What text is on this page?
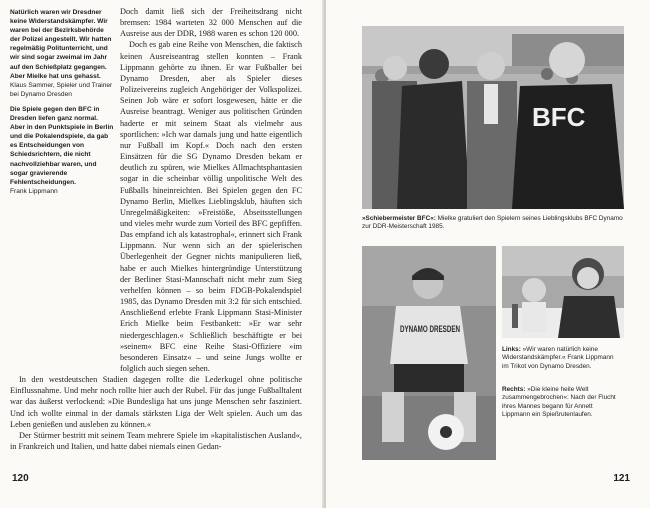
Natürlich waren wir Dresdner keine Widerstandskämpfer. Wir waren bei der Bezirksbehörde der Polizei angestellt. Wir hatten regelmäßig Politunterricht, und wir sind sogar zweimal im Jahr auf den Schießplatz gegangen. Aber Mielke hat uns gehasst.

Klaus Sammer, Spieler und Trainer bei Dynamo Dresden

Die Spiele gegen den BFC in Dresden liefen ganz normal. Aber in den Punktspiele in Berlin und die Pokalendspiele, da gab es Entscheidungen von Schiedsrichtern, die nicht nachvollziehbar waren, und sogar gravierende Fehlentscheidungen.

Frank Lippmann

Doch damit ließ sich der Freiheitsdrang nicht bremsen: 1984 warteten 32 000 Menschen auf die Ausreise aus der DDR, 1988 waren es schon 120 000.

Doch es gab eine Reihe von Menschen, die faktisch keinen Ausreiseantrag stellen konnten – Frank Lippmann gehörte zu ihnen. Er war Fußballer bei Dynamo Dresden, aber als Spieler dieses Polizeivereins zugleich Angehöriger der Volkspolizei. Seinen Job wäre er sofort losgewesen, hätte er die Ausreise beantragt. Weniger aus politischen Gründen haderte er mit seinem Staat als vielmehr aus sportlichen: »Ich war damals jung und hatte eigentlich nur Fußball im Kopf.« Doch nach den ersten Einsätzen für die SG Dynamo Dresden bekam er deutlich zu spüren, wie Mielkes Allmachtsphantasien sogar in die scheinbar völlig unpolitische Welt des Fußballs hineinreichten. Bei Spielen gegen den FC Dynamo Berlin, Mielkes Lieblingsklub, häuften sich Unregelmäßigkeiten: »Freistöße, Abseitsstellungen und vieles mehr wurde zum Vorteil des BFC gepfiffen. Das empfand ich als katastrophal«, erinnert sich Frank Lippmann. Nur wenn sich an der spielerischen Überlegenheit der Gegner nichts manipulieren ließ, habe er auch Mielkes hintergründige Unterstützung der Berliner Stasi-Mannschaft nicht mehr zum Sieg verhelfen können – so beim FDGB-Pokalendspiel 1985, das Dynamo Dresden mit 3:2 für sich entschied. Anschließend erlebte Frank Lippmann Stasi-Minister Erich Mielke beim Festbankett: »Er war sehr niedergeschlagen.« Schließlich beschäftigte er bei »seinem« BFC eine Reihe Stasi-Offiziere »im besonderen Einsatz« – und seine Jungs wollte er folglich auch siegen sehen.

In den westdeutschen Stadien dagegen rollte die Lederkugel ohne politische Einflussnahme. Und mehr noch rollte hier auch der Rubel. Für das junge Fußballtalent war das äußerst verlockend: »Die Bundesliga hat uns junge Menschen sehr fasziniert. Und ich wollte einmal in der damals stärksten Liga der Welt spielen. Auch um das Leben genießen und ausleben zu können.«

Der Stürmer bestritt mit seinem Team mehrere Spiele im »kapitalistischen Ausland«, in Frankreich und Italien, und hatte dabei niemals einen Gedan-

120
BFC
»Schiebermeister BFC«: Mielke gratuliert den Spielern seines Lieblingsklubs BFC Dynamo zur DDR-Meisterschaft 1985.
DYNAMO DRESDEN
Links: »Wir waren natürlich keine Widerstandskämpfer.« Frank Lippmann im Trikot von Dynamo Dresden.
Rechts: »Die kleine heile Welt zusammengebrochen«: Nach der Flucht ihres Mannes begann für Annett Lippmann ein Spießrutenlaufen.
121
